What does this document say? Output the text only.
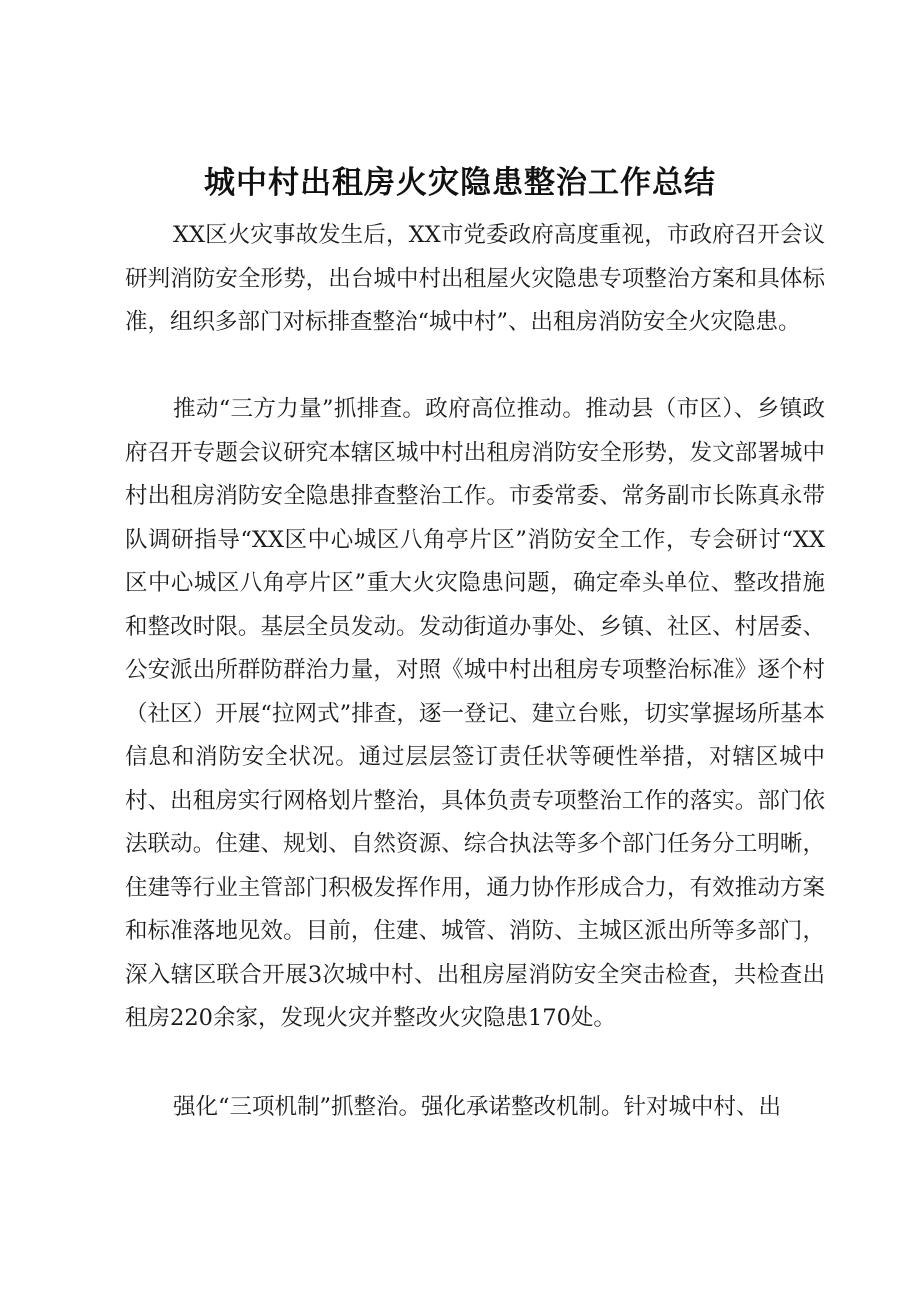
城中村出租房火灾隐患整治工作总结

XX区火灾事故发生后，XX市党委政府高度重视，市政府召开会议研判消防安全形势，出台城中村出租屋火灾隐患专项整治方案和具体标准，组织多部门对标排查整治“城中村”、出租房消防安全火灾隐患。

推动“三方力量”抓排查。政府高位推动。推动县（市区）、乡镇政府召开专题会议研究本辖区城中村出租房消防安全形势，发文部署城中村出租房消防安全隐患排查整治工作。市委常委、常务副市长陈真永带队调研指导“XX区中心城区八角亭片区”消防安全工作，专会研讨“XX区中心城区八角亭片区”重大火灾隐患问题，确定牵头单位、整改措施和整改时限。基层全员发动。发动街道办事处、乡镇、社区、村居委、公安派出所群防群治力量，对照《城中村出租房专项整治标准》逐个村（社区）开展“拉网式”排查，逐一登记、建立台账，切实掌握场所基本信息和消防安全状况。通过层层签订责任状等硬性举措，对辖区城中村、出租房实行网格划片整治，具体负责专项整治工作的落实。部门依法联动。住建、规划、自然资源、综合执法等多个部门任务分工明晰，住建等行业主管部门积极发挥作用，通力协作形成合力，有效推动方案和标准落地见效。目前，住建、城管、消防、主城区派出所等多部门，深入辖区联合开展3次城中村、出租房屋消防安全突击检查，共检查出租房220余家，发现火灾并整改火灾隐患170处。

强化“三项机制”抓整治。强化承诺整改机制。针对城中村、出
